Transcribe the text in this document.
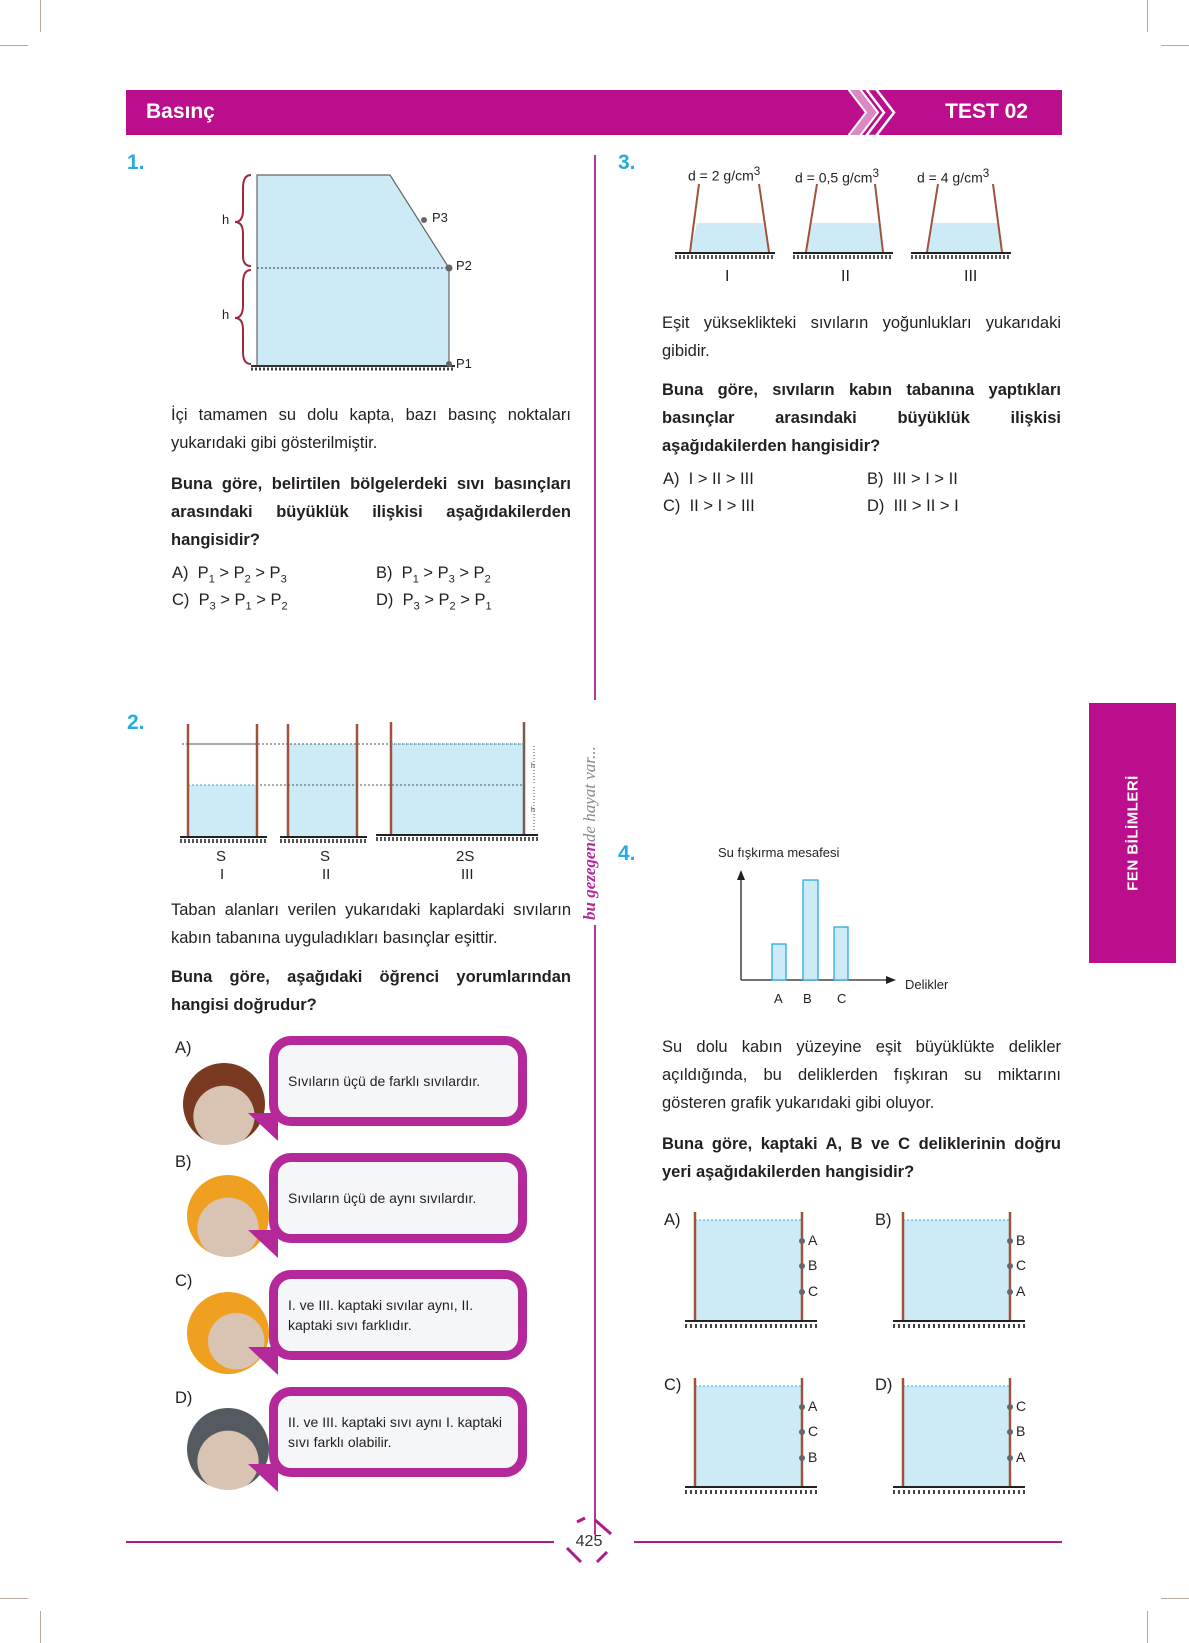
Basınç	TEST 02
bu gezegende hayat var...	FEN BİLİMLERİ
1.
h
h
P3
P2
P1
İçi tamamen su dolu kapta, bazı basınç noktaları yukarıdaki gibi gösterilmiştir.
Buna göre, belirtilen bölgelerdeki sıvı basınçları arasındaki büyüklük ilişkisi aşağıdakilerden hangisidir?
A) $P_1 > P_2 > P_3$	B) $P_1 > P_3 > P_2$
C) $P_3 > P_1 > P_2$	D) $P_3 > P_2 > P_1$
2.
h
h
S
I
S
II
2S
III
Taban alanları verilen yukarıdaki kaplardaki sıvıların kabın tabanına uyguladıkları basınçlar eşittir.
Buna göre, aşağıdaki öğrenci yorumlarından hangisi doğrudur?
A)
Sıvıların üçü de farklı sıvılardır.
B)
Sıvıların üçü de aynı sıvılardır.
C)
I. ve III. kaptaki sıvılar aynı, II. kaptaki sıvı farklıdır.
D)
II. ve III. kaptaki sıvı aynı I. kaptaki sıvı farklı olabilir.
3.
d = 2 $g/cm^3$ d = 0,5 $g/cm^3$	d = 4 $g/cm^3$
I	II	III
Eşit yükseklikteki sıvıların yoğunlukları yukarıdaki gibidir.
Buna göre, sıvıların kabın tabanına yaptıkları basınçlar arasındaki büyüklük ilişkisi aşağıdakilerden hangisidir?
A) I > II > III	B) III > I > II
C) II > I > III	D) III > II > I
4.	Su fışkırma mesafesi
Delikler
A B C
Su dolu kabın yüzeyine eşit büyüklükte delikler açıldığında, bu deliklerden fışkıran su miktarını gösteren grafik yukarıdaki gibi oluyor.
Buna göre, kaptaki A, B ve C deliklerinin doğru yeri aşağıdakilerden hangisidir?
A)
A
B
C
B)
B
C
A
C)
A
C
B
D)
C
B
A
425
